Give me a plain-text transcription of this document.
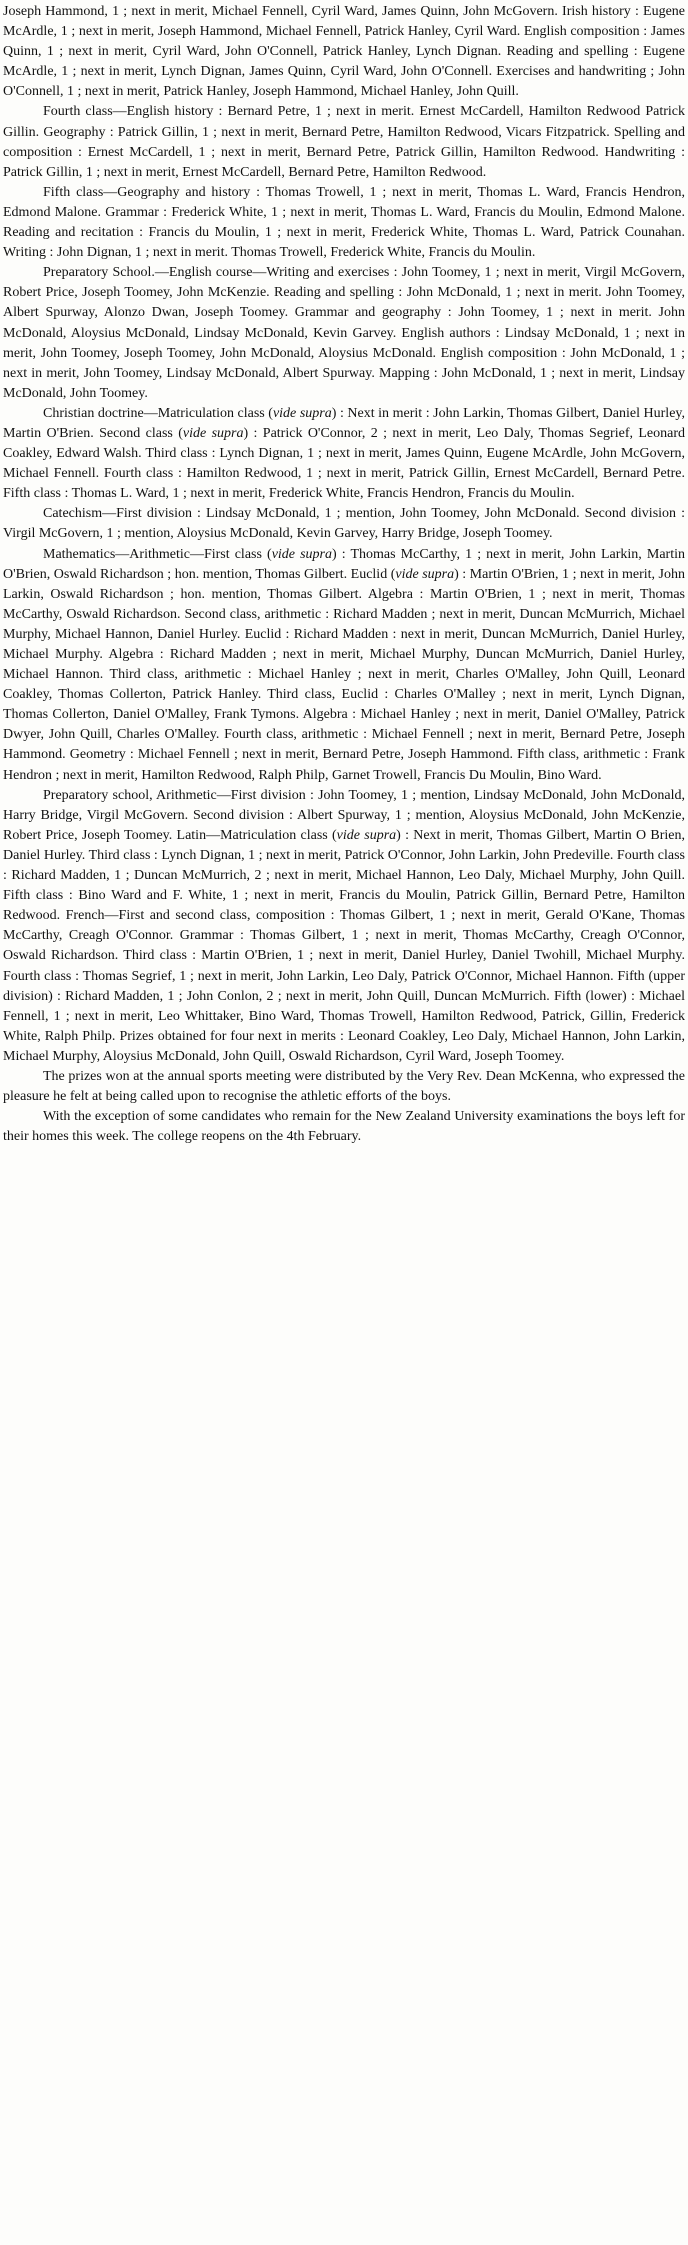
Joseph Hammond, 1 ; next in merit, Michael Fennell, Cyril Ward, James Quinn, John McGovern. Irish history : Eugene McArdle, 1 ; next in merit, Joseph Hammond, Michael Fennell, Patrick Hanley, Cyril Ward. English composition : James Quinn, 1 ; next in merit, Cyril Ward, John O'Connell, Patrick Hanley, Lynch Dignan. Reading and spelling : Eugene McArdle, 1 ; next in merit, Lynch Dignan, James Quinn, Cyril Ward, John O'Connell. Exercises and handwriting ; John O'Connell, 1 ; next in merit, Patrick Hanley, Joseph Hammond, Michael Hanley, John Quill.

Fourth class—English history : Bernard Petre, 1 ; next in merit. Ernest McCardell, Hamilton Redwood Patrick Gillin. Geography : Patrick Gillin, 1 ; next in merit, Bernard Petre, Hamilton Redwood, Vicars Fitzpatrick. Spelling and composition : Ernest McCardell, 1 ; next in merit, Bernard Petre, Patrick Gillin, Hamilton Redwood. Handwriting : Patrick Gillin, 1 ; next in merit, Ernest McCardell, Bernard Petre, Hamilton Redwood.

Fifth class—Geography and history : Thomas Trowell, 1 ; next in merit, Thomas L. Ward, Francis Hendron, Edmond Malone. Grammar : Frederick White, 1 ; next in merit, Thomas L. Ward, Francis du Moulin, Edmond Malone. Reading and recitation : Francis du Moulin, 1 ; next in merit, Frederick White, Thomas L. Ward, Patrick Counahan. Writing : John Dignan, 1 ; next in merit. Thomas Trowell, Frederick White, Francis du Moulin.

Preparatory School.—English course—Writing and exercises : John Toomey, 1 ; next in merit, Virgil McGovern, Robert Price, Joseph Toomey, John McKenzie. Reading and spelling : John McDonald, 1 ; next in merit. John Toomey, Albert Spurway, Alonzo Dwan, Joseph Toomey. Grammar and geography : John Toomey, 1 ; next in merit. John McDonald, Aloysius McDonald, Lindsay McDonald, Kevin Garvey. English authors : Lindsay McDonald, 1 ; next in merit, John Toomey, Joseph Toomey, John McDonald, Aloysius McDonald. English composition : John McDonald, 1 ; next in merit, John Toomey, Lindsay McDonald, Albert Spurway. Mapping : John McDonald, 1 ; next in merit, Lindsay McDonald, John Toomey.

Christian doctrine—Matriculation class (vide supra) : Next in merit : John Larkin, Thomas Gilbert, Daniel Hurley, Martin O'Brien. Second class (vide supra) : Patrick O'Connor, 2 ; next in merit, Leo Daly, Thomas Segrief, Leonard Coakley, Edward Walsh. Third class : Lynch Dignan, 1 ; next in merit, James Quinn, Eugene McArdle, John McGovern, Michael Fennell. Fourth class : Hamilton Redwood, 1 ; next in merit, Patrick Gillin, Ernest McCardell, Bernard Petre. Fifth class : Thomas L. Ward, 1 ; next in merit, Frederick White, Francis Hendron, Francis du Moulin.

Catechism—First division : Lindsay McDonald, 1 ; mention, John Toomey, John McDonald. Second division : Virgil McGovern, 1 ; mention, Aloysius McDonald, Kevin Garvey, Harry Bridge, Joseph Toomey.

Mathematics—Arithmetic—First class (vide supra) : Thomas McCarthy, 1 ; next in merit, John Larkin, Martin O'Brien, Oswald Richardson ; hon. mention, Thomas Gilbert. Euclid (vide supra) : Martin O'Brien, 1 ; next in merit, John Larkin, Oswald Richardson ; hon. mention, Thomas Gilbert. Algebra : Martin O'Brien, 1 ; next in merit, Thomas McCarthy, Oswald Richardson. Second class, arithmetic : Richard Madden ; next in merit, Duncan McMurrich, Michael Murphy, Michael Hannon, Daniel Hurley. Euclid : Richard Madden : next in merit, Duncan McMurrich, Daniel Hurley, Michael Murphy. Algebra : Richard Madden ; next in merit, Michael Murphy, Duncan McMurrich, Daniel Hurley, Michael Hannon. Third class, arithmetic : Michael Hanley ; next in merit, Charles O'Malley, John Quill, Leonard Coakley, Thomas Collerton, Patrick Hanley. Third class, Euclid : Charles O'Malley ; next in merit, Lynch Dignan, Thomas Collerton, Daniel O'Malley, Frank Tymons. Algebra : Michael Hanley ; next in merit, Daniel O'Malley, Patrick Dwyer, John Quill, Charles O'Malley. Fourth class, arithmetic : Michael Fennell ; next in merit, Bernard Petre, Joseph Hammond. Geometry : Michael Fennell ; next in merit, Bernard Petre, Joseph Hammond. Fifth class, arithmetic : Frank Hendron ; next in merit, Hamilton Redwood, Ralph Philp, Garnet Trowell, Francis Du Moulin, Bino Ward.

Preparatory school, Arithmetic—First division : John Toomey, 1 ; mention, Lindsay McDonald, John McDonald, Harry Bridge, Virgil McGovern. Second division : Albert Spurway, 1 ; mention, Aloysius McDonald, John McKenzie, Robert Price, Joseph Toomey. Latin—Matriculation class (vide supra) : Next in merit, Thomas Gilbert, Martin O Brien, Daniel Hurley. Third class : Lynch Dignan, 1 ; next in merit, Patrick O'Connor, John Larkin, John Predeville. Fourth class : Richard Madden, 1 ; Duncan McMurrich, 2 ; next in merit, Michael Hannon, Leo Daly, Michael Murphy, John Quill. Fifth class : Bino Ward and F. White, 1 ; next in merit, Francis du Moulin, Patrick Gillin, Bernard Petre, Hamilton Redwood. French—First and second class, composition : Thomas Gilbert, 1 ; next in merit, Gerald O'Kane, Thomas McCarthy, Creagh O'Connor. Grammar : Thomas Gilbert, 1 ; next in merit, Thomas McCarthy, Creagh O'Connor, Oswald Richardson. Third class : Martin O'Brien, 1 ; next in merit, Daniel Hurley, Daniel Twohill, Michael Murphy. Fourth class : Thomas Segrief, 1 ; next in merit, John Larkin, Leo Daly, Patrick O'Connor, Michael Hannon. Fifth (upper division) : Richard Madden, 1 ; John Conlon, 2 ; next in merit, John Quill, Duncan McMurrich. Fifth (lower) : Michael Fennell, 1 ; next in merit, Leo Whittaker, Bino Ward, Thomas Trowell, Hamilton Redwood, Patrick, Gillin, Frederick White, Ralph Philp. Prizes obtained for four next in merits : Leonard Coakley, Leo Daly, Michael Hannon, John Larkin, Michael Murphy, Aloysius McDonald, John Quill, Oswald Richardson, Cyril Ward, Joseph Toomey.

The prizes won at the annual sports meeting were distributed by the Very Rev. Dean McKenna, who expressed the pleasure he felt at being called upon to recognise the athletic efforts of the boys.

With the exception of some candidates who remain for the New Zealand University examinations the boys left for their homes this week. The college reopens on the 4th February.
